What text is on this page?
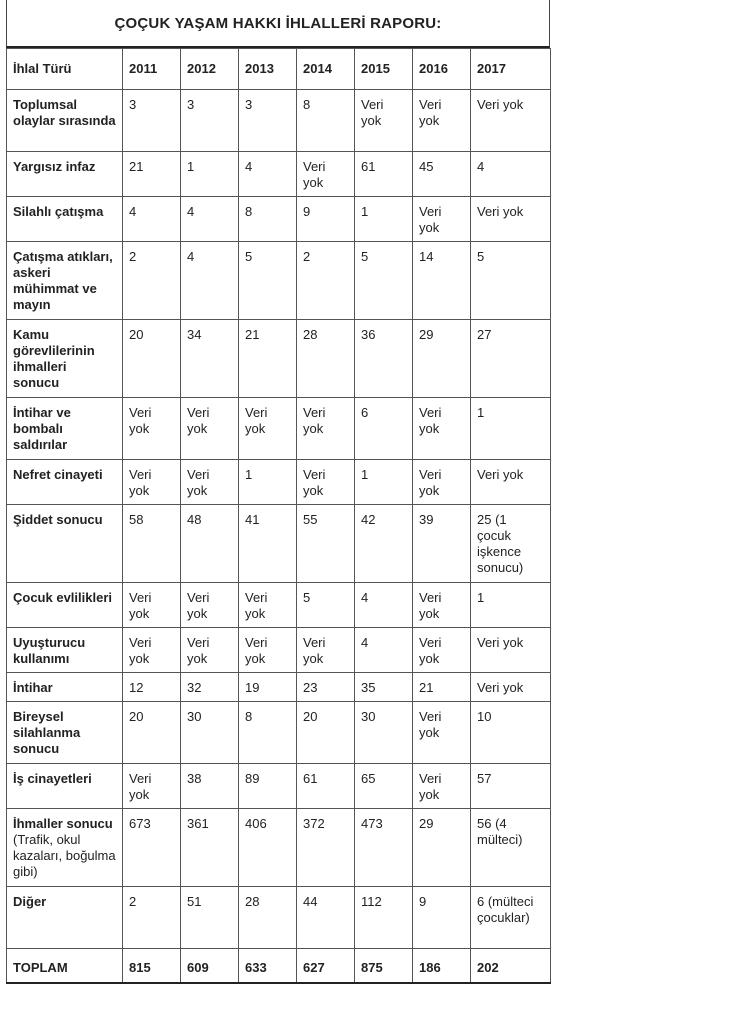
ÇOÇUK YAŞAM HAKKI İHLALLERİ RAPORU:
İhlal Türü	2011	2012	2013	2014	2015	2016	2017
Toplumsal olaylar sırasında	3	3	3	8	Veri yok	Veri yok	Veri yok
Yargısız infaz	21	1	4	Veri yok	61	45	4
Silahlı çatışma	4	4	8	9	1	Veri yok	Veri yok
Çatışma atıkları, askeri mühimmat ve mayın	2	4	5	2	5	14	5
Kamu görevlilerinin ihmalleri sonucu	20	34	21	28	36	29	27
İntihar ve bombalı saldırılar	Veri yok	Veri yok	Veri yok	Veri yok	6	Veri yok	1
Nefret cinayeti	Veri yok	Veri yok	1	Veri yok	1	Veri yok	Veri yok
Şiddet sonucu	58	48	41	55	42	39	25 (1 çocuk işkence sonucu)
Çocuk evlilikleri	Veri yok	Veri yok	Veri yok	5	4	Veri yok	1
Uyuşturucu kullanımı	Veri yok	Veri yok	Veri yok	Veri yok	4	Veri yok	Veri yok
İntihar	12	32	19	23	35	21	Veri yok
Bireysel silahlanma sonucu	20	30	8	20	30	Veri yok	10
İş cinayetleri	Veri yok	38	89	61	65	Veri yok	57
İhmaller sonucu (Trafik, okul kazaları, boğulma gibi)	673	361	406	372	473	29	56 (4 mülteci)
Diğer	2	51	28	44	112	9	6 (mülteci çocuklar)
TOPLAM	815	609	633	627	875	186	202
